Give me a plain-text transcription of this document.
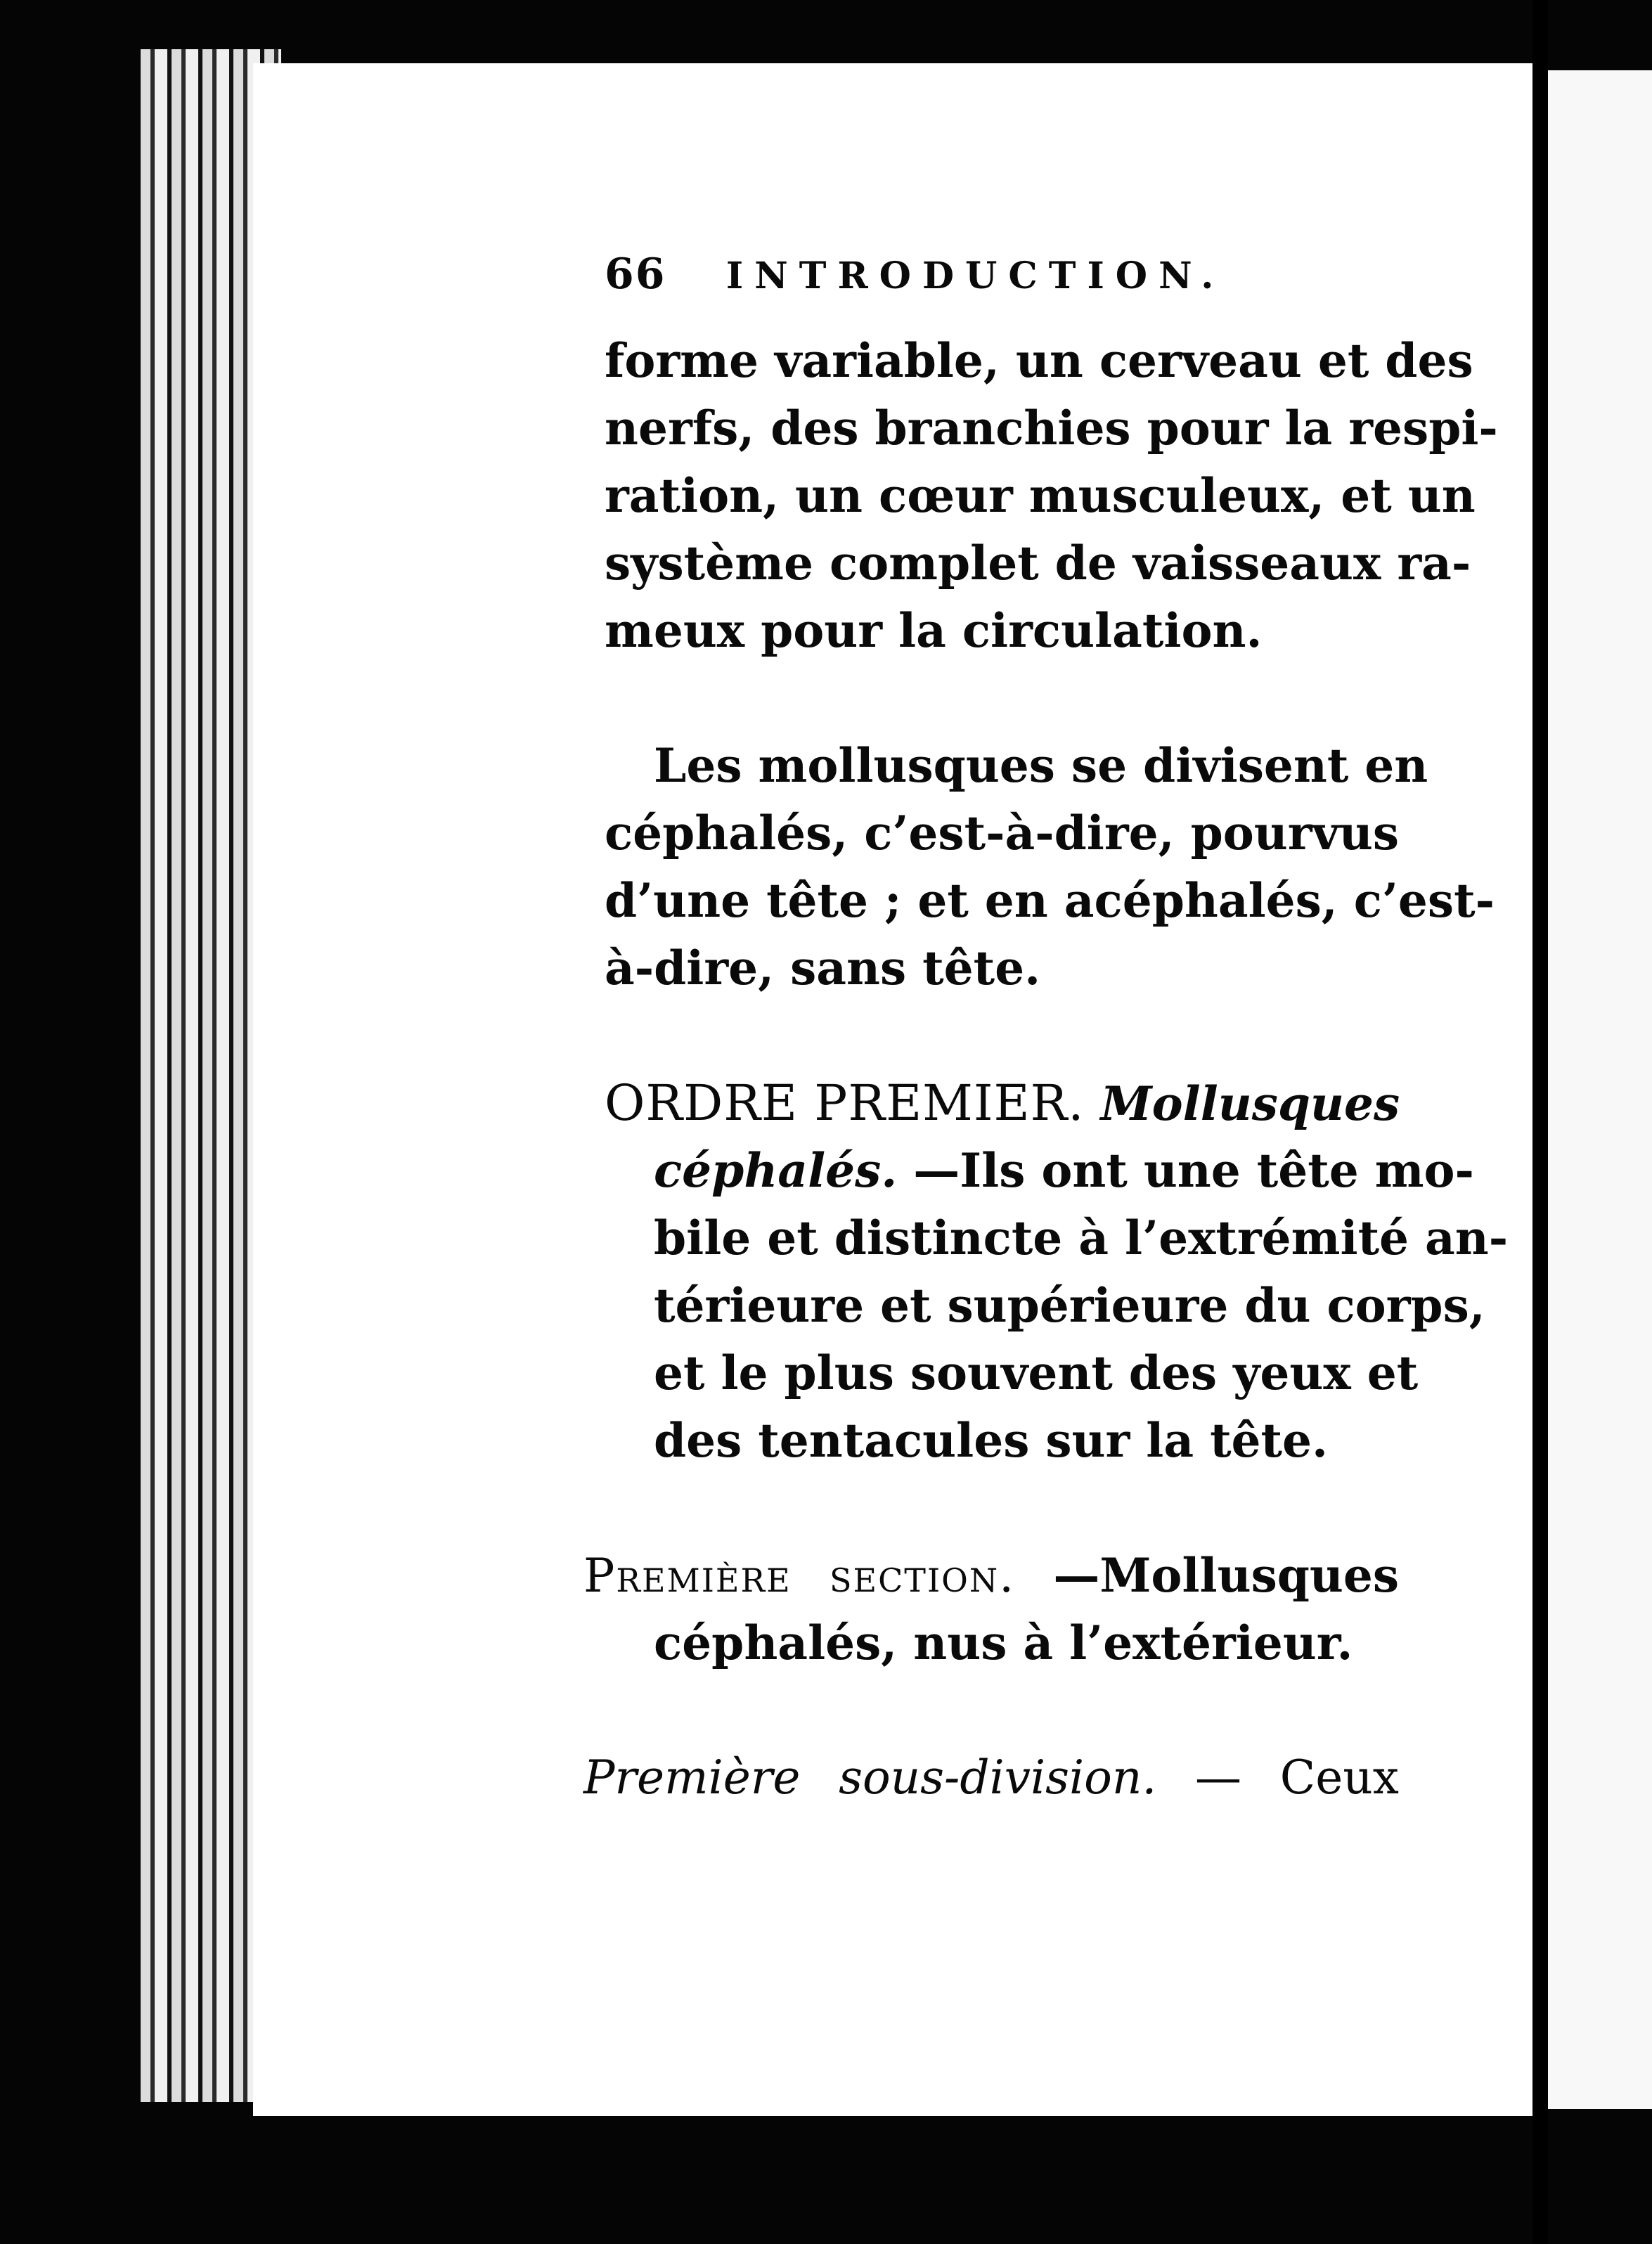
66 INTRODUCTION.
forme variable, un cerveau et des
nerfs, des branchies pour la respi-
ration, un cœur musculeux, et un
système complet de vaisseaux ra-
meux pour la circulation.
Les mollusques se divisent en
céphalés, c’est-à-dire, pourvus
d’une tête ; et en acéphalés, c’est-
à-dire, sans tête.
ORDRE PREMIER. Mollusques
céphalés. —Ils ont une tête mo-
bile et distincte à l’extrémité an-
térieure et supérieure du corps,
et le plus souvent des yeux et
des tentacules sur la tête.
Première section. —Mollusques
céphalés, nus à l’extérieur.
Première sous-division. — Ceux
